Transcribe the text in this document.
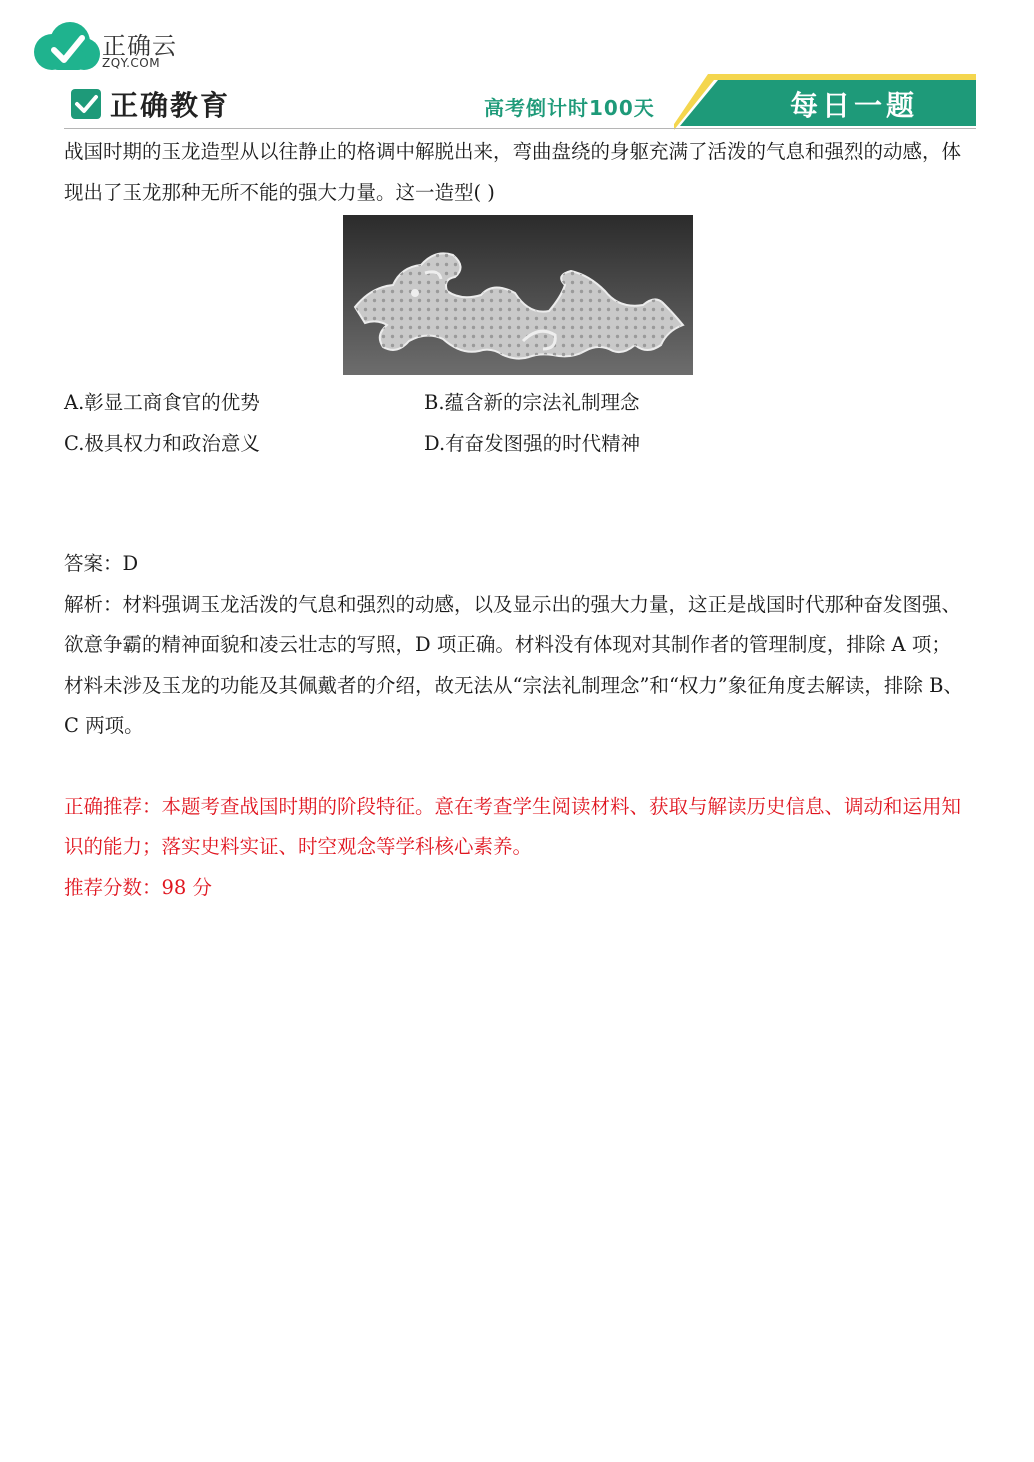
正确云
ZQY.COM
正确教育	高考倒计时100天	每日一题

战国时期的玉龙造型从以往静止的格调中解脱出来，弯曲盘绕的身躯充满了活泼的气息和强烈的动感，体现出了玉龙那种无所不能的强大力量。这一造型( )

A.彰显工商食官的优势	B.蕴含新的宗法礼制理念
C.极具权力和政治意义	D.有奋发图强的时代精神

答案：D

解析：材料强调玉龙活泼的气息和强烈的动感，以及显示出的强大力量，这正是战国时代那种奋发图强、欲意争霸的精神面貌和凌云壮志的写照，D 项正确。材料没有体现对其制作者的管理制度，排除 A 项；材料未涉及玉龙的功能及其佩戴者的介绍，故无法从“宗法礼制理念”和“权力”象征角度去解读，排除 B、C 两项。

正确推荐：本题考查战国时期的阶段特征。意在考查学生阅读材料、获取与解读历史信息、调动和运用知识的能力；落实史料实证、时空观念等学科核心素养。

推荐分数：98 分
